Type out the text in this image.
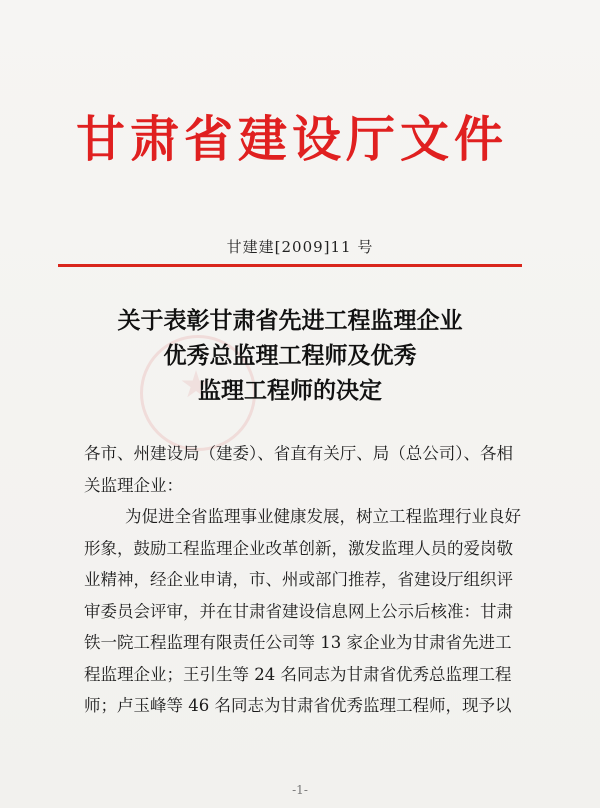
甘肃省建设厅文件
甘建建[2009]11 号
关于表彰甘肃省先进工程监理企业
优秀总监理工程师及优秀
监理工程师的决定
各市、州建设局（建委）、省直有关厅、局（总公司）、各相
关监理企业：
为促进全省监理事业健康发展，树立工程监理行业良好
形象，鼓励工程监理企业改革创新，激发监理人员的爱岗敬
业精神，经企业申请，市、州或部门推荐，省建设厅组织评
审委员会评审，并在甘肃省建设信息网上公示后核准：甘肃
铁一院工程监理有限责任公司等 13 家企业为甘肃省先进工
程监理企业；王引生等 24 名同志为甘肃省优秀总监理工程
师；卢玉峰等 46 名同志为甘肃省优秀监理工程师，现予以
-1-
